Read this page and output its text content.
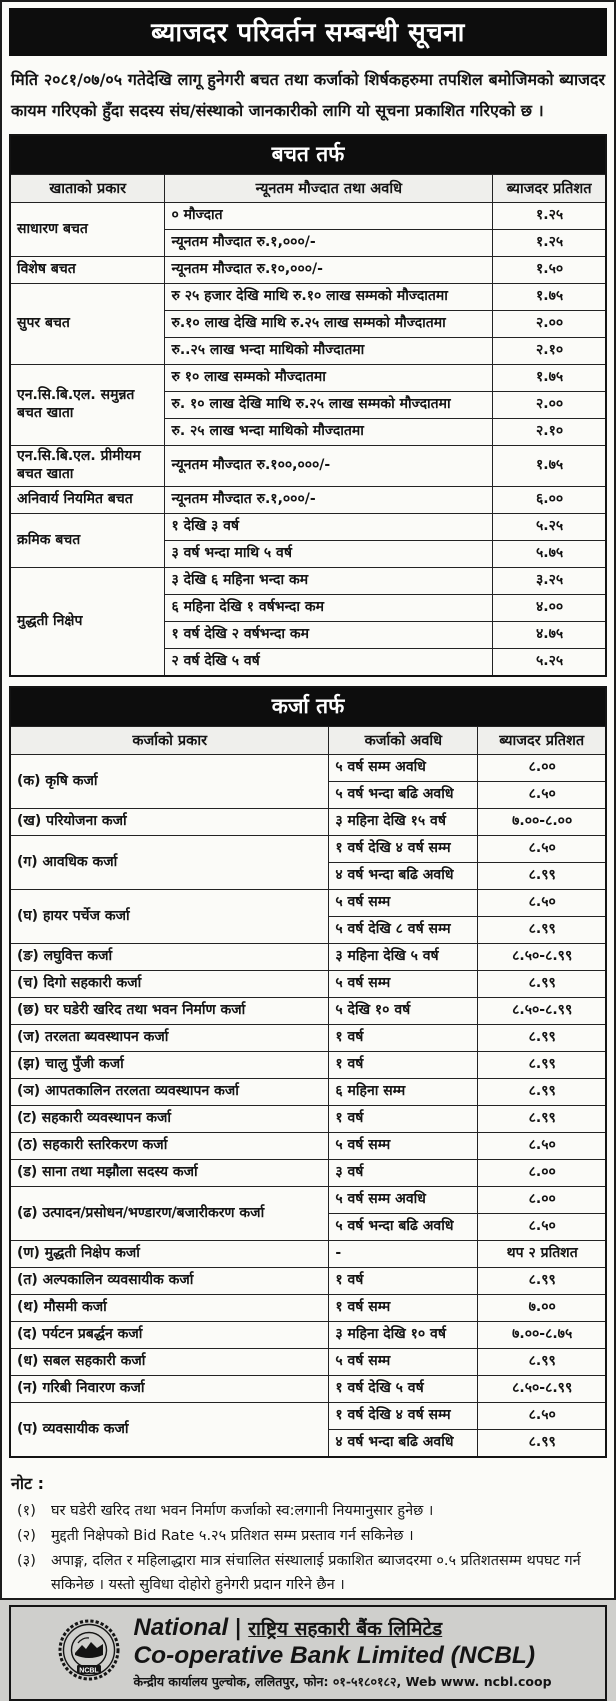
ब्याजदर परिवर्तन सम्बन्धी सूचना
मिति २०८१/०७/०५ गतेदेखि लागू हुनेगरी बचत तथा कर्जाको शिर्षकहरुमा तपशिल बमोजिमको ब्याजदर कायम गरिएको हुँदा सदस्य संघ/संस्थाको जानकारीको लागि यो सूचना प्रकाशित गरिएको छ ।
बचत तर्फ		
खाताको प्रकार	न्यूनतम मौज्दात तथा अवधि	ब्याजदर प्रतिशत
साधारण बचत	० मौज्दात	१.२५
	न्यूनतम मौज्दात रु.१,०००/-	१.२५
विशेष बचत	न्यूनतम मौज्दात रु.१०,०००/-	१.५०
सुपर बचत	रु २५ हजार देखि माथि रु.१० लाख सम्मको मौज्दातमा	१.७५
	रु.१० लाख देखि माथि रु.२५ लाख सम्मको मौज्दातमा	२.००
	रु..२५ लाख भन्दा माथिको मौज्दातमा	२.१०
एन.सि.बि.एल. समुन्नत बचत खाता	रु १० लाख सम्मको मौज्दातमा	१.७५
	रु. १० लाख देखि माथि रु.२५ लाख सम्मको मौज्दातमा	२.००
	रु. २५ लाख भन्दा माथिको मौज्दातमा	२.१०
एन.सि.बि.एल. प्रीमीयम बचत खाता	न्यूनतम मौज्दात रु.१००,०००/-	१.७५
अनिवार्य नियमित बचत	न्यूनतम मौज्दात रु.१,०००/-	६.००
क्रमिक बचत	१ देखि ३ वर्ष	५.२५
	३ वर्ष भन्दा माथि ५ वर्ष	५.७५
मुद्धती निक्षेप	३ देखि ६ महिना भन्दा कम	३.२५
	६ महिना देखि १ वर्षभन्दा कम	४.००
	१ वर्ष देखि २ वर्षभन्दा कम	४.७५
	२ वर्ष देखि ५ वर्ष	५.२५
कर्जा तर्फ		
कर्जाको प्रकार	कर्जाको अवधि	ब्याजदर प्रतिशत
(क) कृषि कर्जा	५ वर्ष सम्म अवधि	८.००
	५ वर्ष भन्दा बढि अवधि	८.५०
(ख) परियोजना कर्जा	३ महिना देखि १५ वर्ष	७.००-८.००
(ग) आवधिक कर्जा	१ वर्ष देखि ४ वर्ष सम्म	८.५०
	४ वर्ष भन्दा बढि अवधि	८.९९
(घ) हायर पर्चेज कर्जा	५ वर्ष सम्म	८.५०
	५ वर्ष देखि ८ वर्ष सम्म	८.९९
(ङ) लघुवित्त कर्जा	३ महिना देखि ५ वर्ष	८.५०-८.९९
(च) दिगो सहकारी कर्जा	५ वर्ष सम्म	८.९९
(छ) घर घडेरी खरिद तथा भवन निर्माण कर्जा	५ देखि १० वर्ष	८.५०-८.९९
(ज) तरलता ब्यवस्थापन कर्जा	१ वर्ष	८.९९
(झ) चालु पुँजी कर्जा	१ वर्ष	८.९९
(ञ) आपतकालिन तरलता व्यवस्थापन कर्जा	६ महिना सम्म	८.९९
(ट) सहकारी व्यवस्थापन कर्जा	१ वर्ष	८.९९
(ठ) सहकारी स्तरिकरण कर्जा	५ वर्ष सम्म	८.५०
(ड) साना तथा मझौला सदस्य कर्जा	३ वर्ष	८.००
(ढ) उत्पादन/प्रसोधन/भण्डारण/बजारीकरण कर्जा	५ वर्ष सम्म अवधि	८.००
	५ वर्ष भन्दा बढि अवधि	८.५०
(ण) मुद्धती निक्षेप कर्जा	-	थप २ प्रतिशत
(त) अल्पकालिन व्यवसायीक कर्जा	१ वर्ष	८.९९
(थ) मौसमी कर्जा	१ वर्ष सम्म	७.००
(द) पर्यटन प्रबर्द्धन कर्जा	३ महिना देखि १० वर्ष	७.००-८.७५
(ध) सबल सहकारी कर्जा	५ वर्ष सम्म	८.९९
(न) गरिबी निवारण कर्जा	१ वर्ष देखि ५ वर्ष	८.५०-८.९९
(प) व्यवसायीक कर्जा	१ वर्ष देखि ४ वर्ष सम्म	८.५०
	४ वर्ष भन्दा बढि अवधि	८.९९
नोट :
(१)	घर घडेरी खरिद तथा भवन निर्माण कर्जाको स्व:लगानी नियमानुसार हुनेछ ।
(२)	मुद्दती निक्षेपको Bid Rate ५.२५ प्रतिशत सम्म प्रस्ताव गर्न सकिनेछ ।
(३)	अपाङ्ग, दलित र महिलाद्धारा मात्र संचालित संस्थालाई प्रकाशित ब्याजदरमा ०.५ प्रतिशतसम्म थपघट गर्न सकिनेछ । यस्तो सुविधा दोहोरो हुनेगरी प्रदान गरिने छैन ।
NCBL
National | राष्ट्रिय सहकारी बैंक लिमिटेड
Co-operative Bank Limited (NCBL)
केन्द्रीय कार्यालय पुल्चोक, ललितपुर, फोन: ०१-५१८०१८२, Web www. ncbl.coop
